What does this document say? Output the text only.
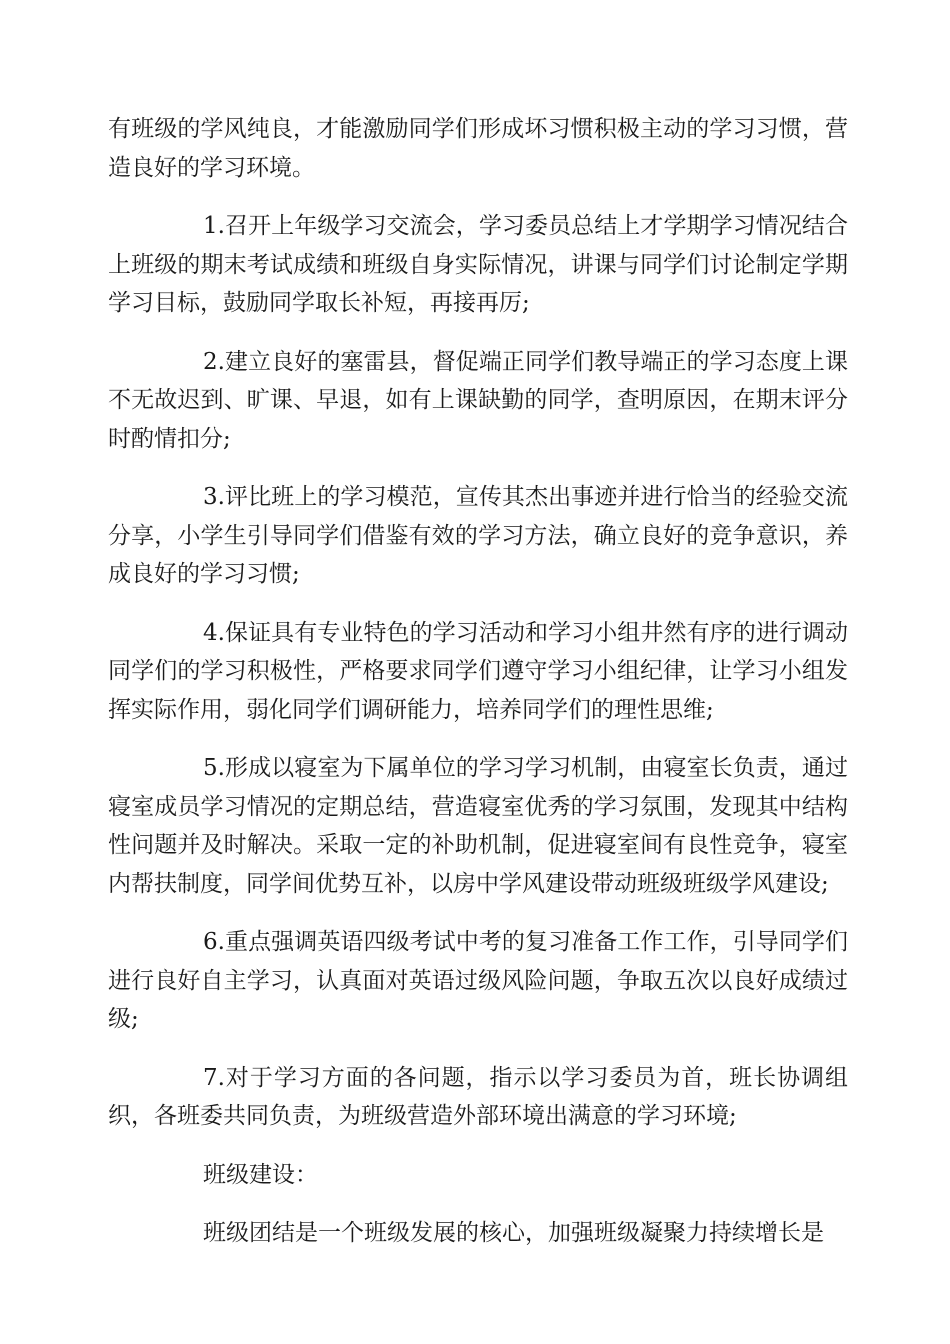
有班级的学风纯良，才能激励同学们形成坏习惯积极主动的学习习惯，营造良好的学习环境。

1.召开上年级学习交流会，学习委员总结上才学期学习情况结合上班级的期末考试成绩和班级自身实际情况，讲课与同学们讨论制定学期学习目标，鼓励同学取长补短，再接再厉;

2.建立良好的塞雷县，督促端正同学们教导端正的学习态度上课不无故迟到、旷课、早退，如有上课缺勤的同学，查明原因，在期末评分时酌情扣分;

3.评比班上的学习模范，宣传其杰出事迹并进行恰当的经验交流分享，小学生引导同学们借鉴有效的学习方法，确立良好的竞争意识，养成良好的学习习惯;

4.保证具有专业特色的学习活动和学习小组井然有序的进行调动同学们的学习积极性，严格要求同学们遵守学习小组纪律，让学习小组发挥实际作用，弱化同学们调研能力，培养同学们的理性思维;

5.形成以寝室为下属单位的学习学习机制，由寝室长负责，通过寝室成员学习情况的定期总结，营造寝室优秀的学习氛围，发现其中结构性问题并及时解决。采取一定的补助机制，促进寝室间有良性竞争，寝室内帮扶制度，同学间优势互补，以房中学风建设带动班级班级学风建设;

6.重点强调英语四级考试中考的复习准备工作工作，引导同学们进行良好自主学习，认真面对英语过级风险问题，争取五次以良好成绩过级;

7.对于学习方面的各问题，指示以学习委员为首，班长协调组织，各班委共同负责，为班级营造外部环境出满意的学习环境;

班级建设：

班级团结是一个班级发展的核心，加强班级凝聚力持续增长是
